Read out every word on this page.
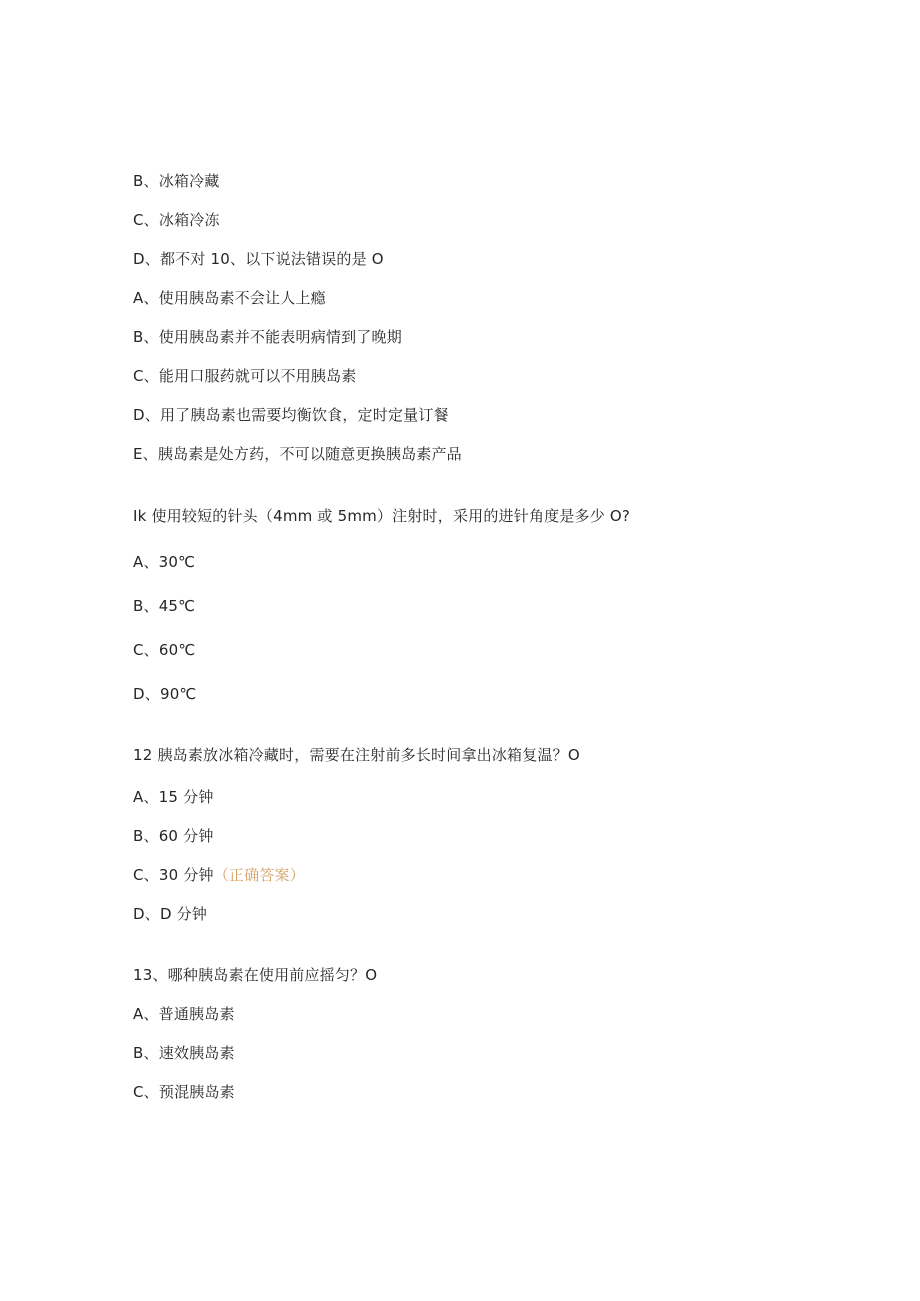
B、冰箱冷藏
C、冰箱冷冻
D、都不对 10、以下说法错误的是 O
A、使用胰岛素不会让人上瘾
B、使用胰岛素并不能表明病情到了晚期
C、能用口服药就可以不用胰岛素
D、用了胰岛素也需要均衡饮食，定时定量订餐
E、胰岛素是处方药，不可以随意更换胰岛素产品
Ik 使用较短的针头（4mm 或 5mm）注射时，采用的进针角度是多少 O?
A、30℃
B、45℃
C、60℃
D、90℃
12 胰岛素放冰箱冷藏时，需要在注射前多长时间拿出冰箱复温？O
A、15 分钟
B、60 分钟
C、30 分钟（正确答案）
D、D 分钟
13、哪种胰岛素在使用前应摇匀？O
A、普通胰岛素
B、速效胰岛素
C、预混胰岛素
